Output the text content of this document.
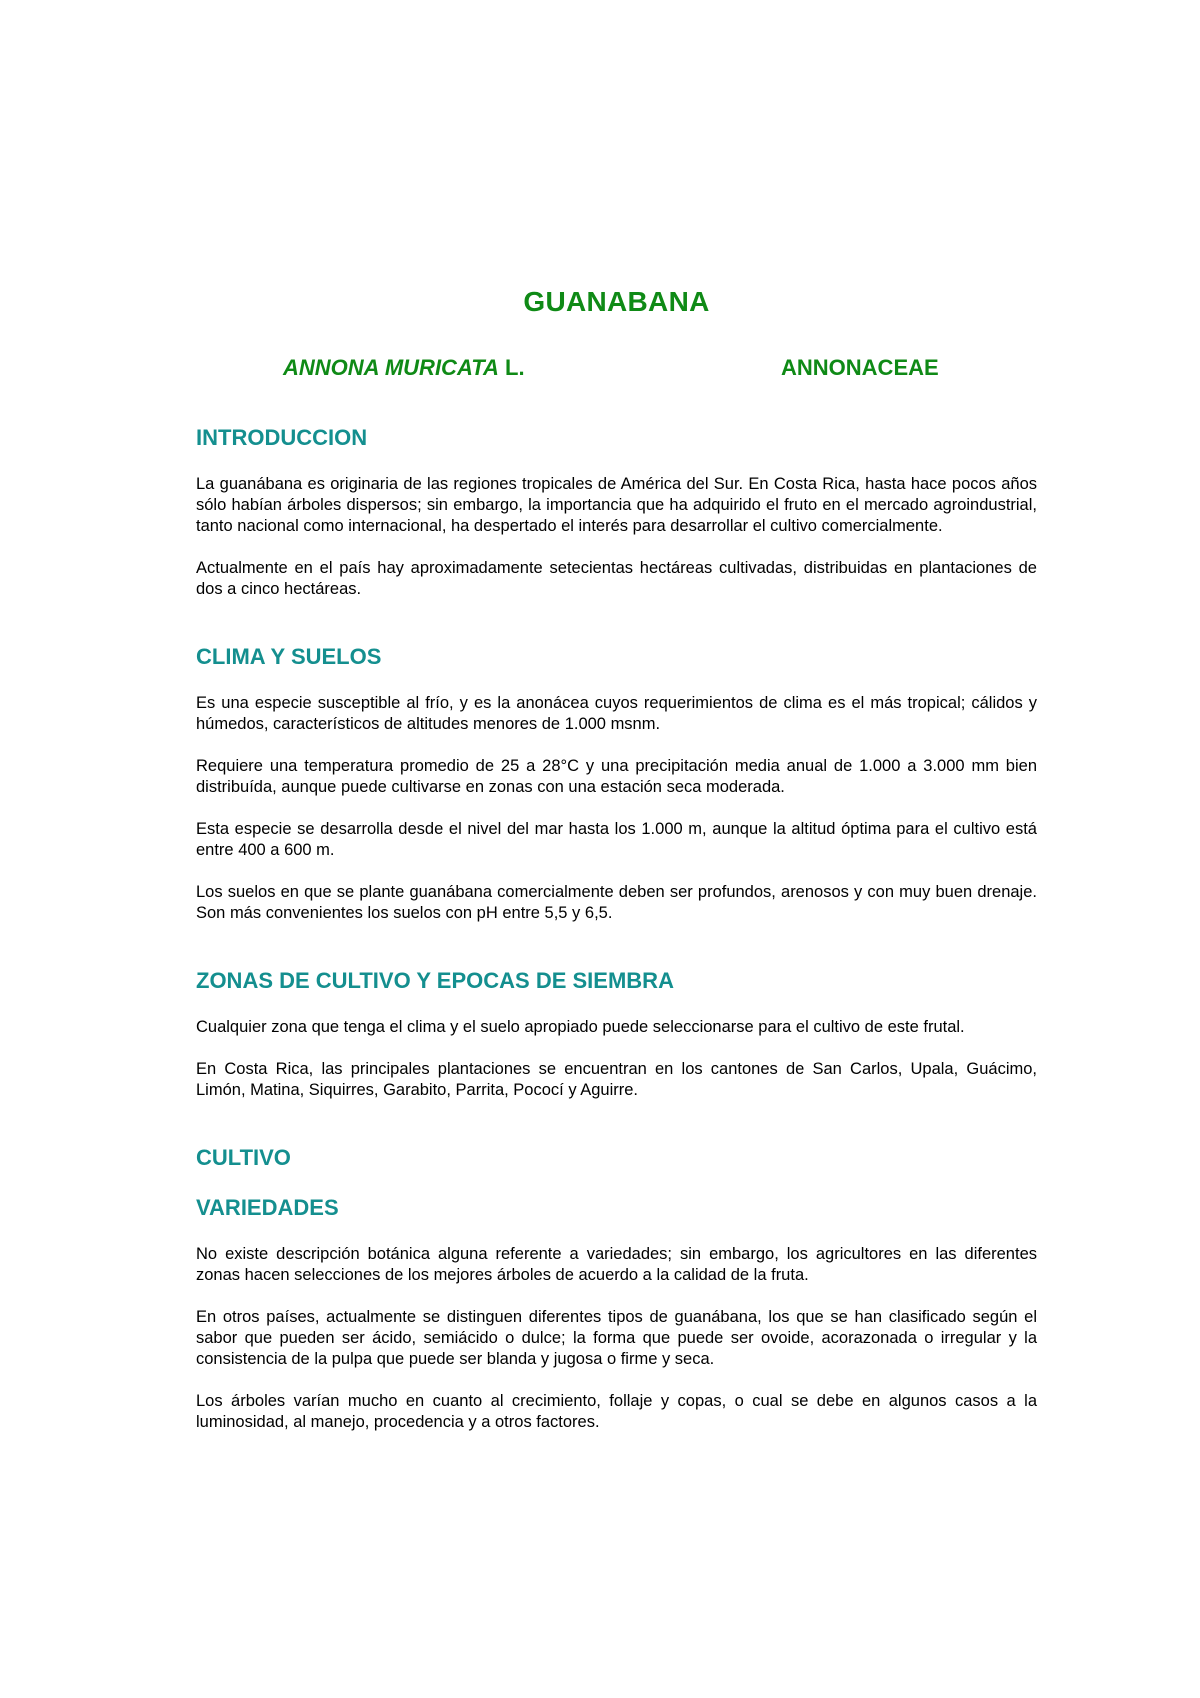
GUANABANA
ANNONA MURICATA L.	ANNONACEAE
INTRODUCCION

La guanábana es originaria de las regiones tropicales de América del Sur. En Costa Rica, hasta hace pocos años sólo habían árboles dispersos; sin embargo, la importancia que ha adquirido el fruto en el mercado agroindustrial, tanto nacional como internacional, ha despertado el interés para desarrollar el cultivo comercialmente.

Actualmente en el país hay aproximadamente setecientas hectáreas cultivadas, distribuidas en plantaciones de dos a cinco hectáreas.

CLIMA Y SUELOS

Es una especie susceptible al frío, y es la anonácea cuyos requerimientos de clima es el más tropical; cálidos y húmedos, característicos de altitudes menores de 1.000 msnm.

Requiere una temperatura promedio de 25 a 28°C y una precipitación media anual de 1.000 a 3.000 mm bien distribuída, aunque puede cultivarse en zonas con una estación seca moderada.

Esta especie se desarrolla desde el nivel del mar hasta los 1.000 m, aunque la altitud óptima para el cultivo está entre 400 a 600 m.

Los suelos en que se plante guanábana comercialmente deben ser profundos, arenosos y con muy buen drenaje. Son más convenientes los suelos con pH entre 5,5 y 6,5.

ZONAS DE CULTIVO Y EPOCAS DE SIEMBRA

Cualquier zona que tenga el clima y el suelo apropiado puede seleccionarse para el cultivo de este frutal.

En Costa Rica, las principales plantaciones se encuentran en los cantones de San Carlos, Upala, Guácimo, Limón, Matina, Siquirres, Garabito, Parrita, Pococí y Aguirre.

CULTIVO
VARIEDADES

No existe descripción botánica alguna referente a variedades; sin embargo, los agricultores en las diferentes zonas hacen selecciones de los mejores árboles de acuerdo a la calidad de la fruta.

En otros países, actualmente se distinguen diferentes tipos de guanábana, los que se han clasificado según el sabor que pueden ser ácido, semiácido o dulce; la forma que puede ser ovoide, acorazonada o irregular y la consistencia de la pulpa que puede ser blanda y jugosa o firme y seca.

Los árboles varían mucho en cuanto al crecimiento, follaje y copas, o cual se debe en algunos casos a la luminosidad, al manejo, procedencia y a otros factores.
